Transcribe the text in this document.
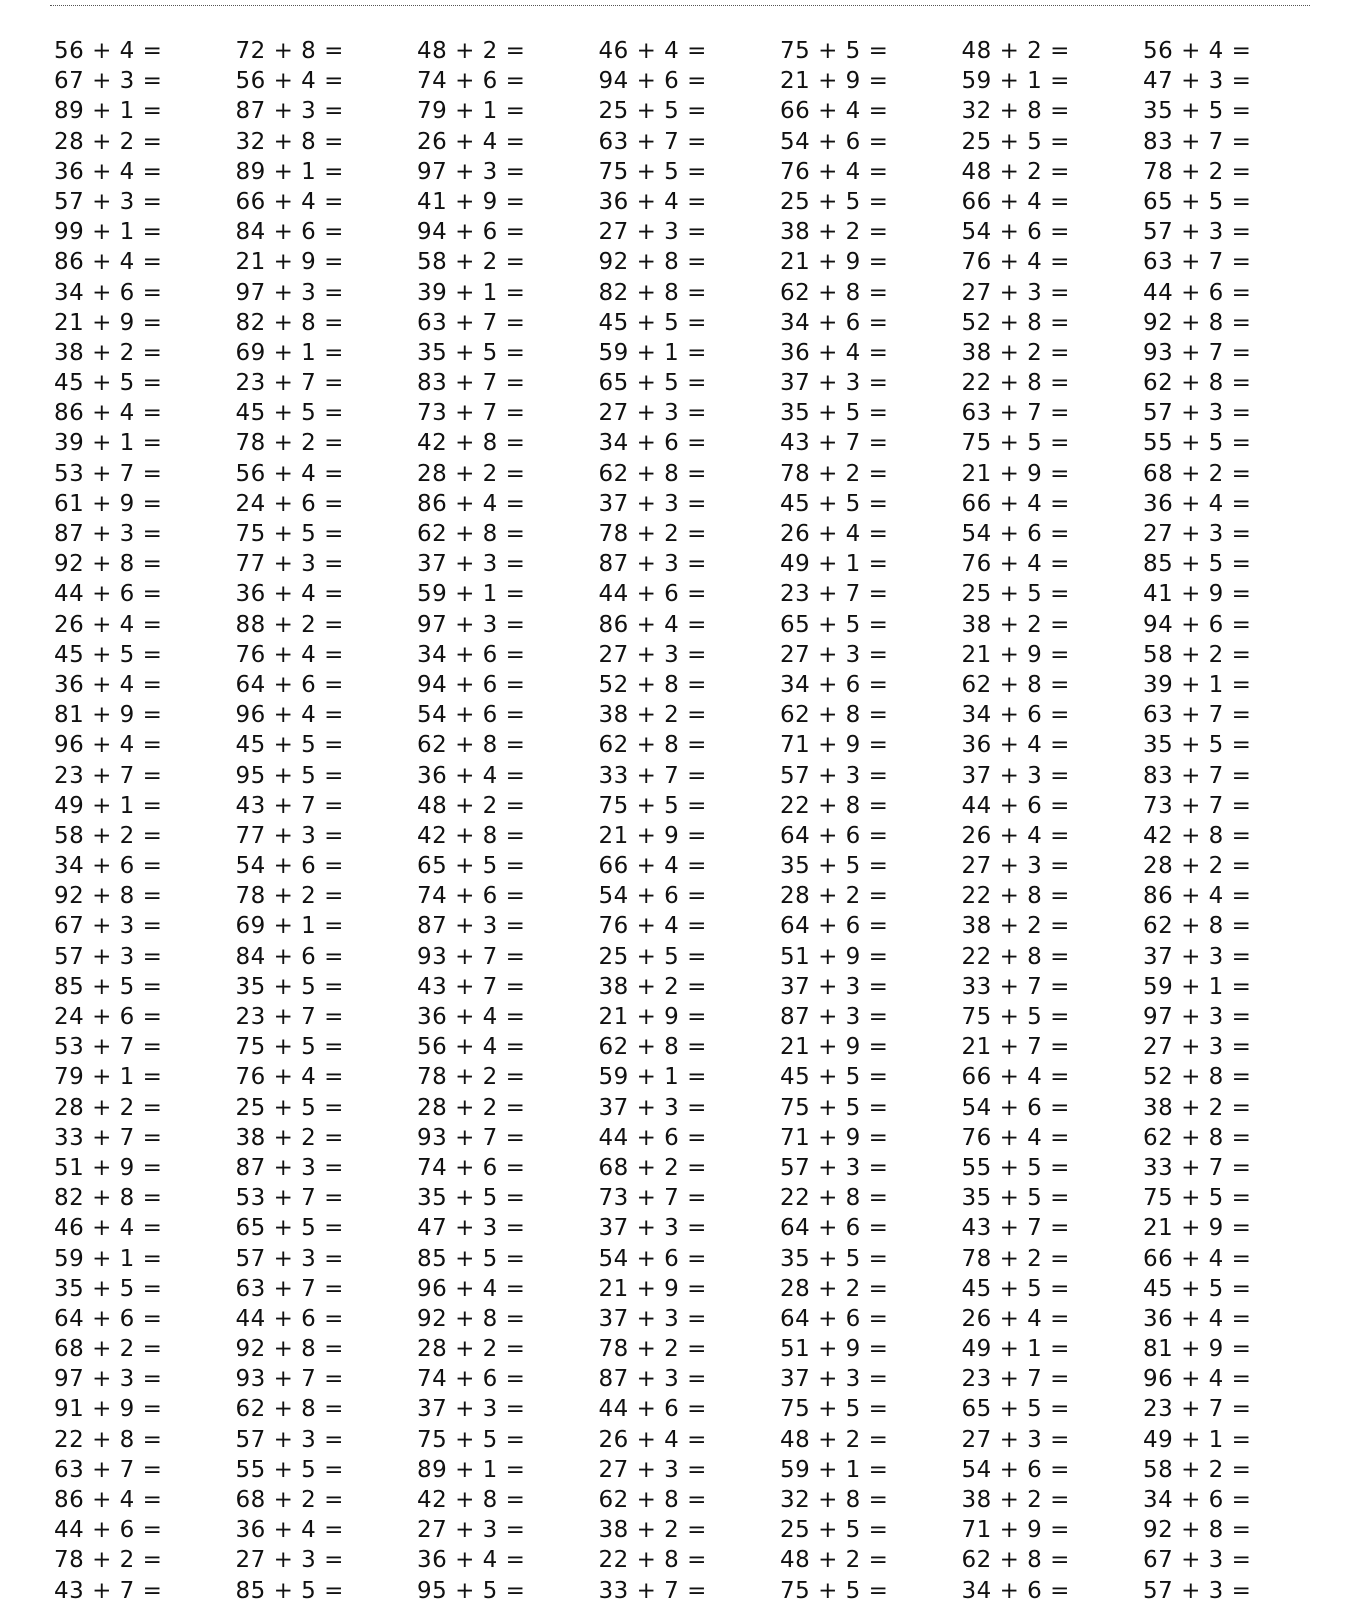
56 + 4 =	72 + 8 =	48 + 2 =	46 + 4 =	75 + 5 =	48 + 2 =	56 + 4 =
67 + 3 =	56 + 4 =	74 + 6 =	94 + 6 =	21 + 9 =	59 + 1 =	47 + 3 =
89 + 1 =	87 + 3 =	79 + 1 =	25 + 5 =	66 + 4 =	32 + 8 =	35 + 5 =
28 + 2 =	32 + 8 =	26 + 4 =	63 + 7 =	54 + 6 =	25 + 5 =	83 + 7 =
36 + 4 =	89 + 1 =	97 + 3 =	75 + 5 =	76 + 4 =	48 + 2 =	78 + 2 =
57 + 3 =	66 + 4 =	41 + 9 =	36 + 4 =	25 + 5 =	66 + 4 =	65 + 5 =
99 + 1 =	84 + 6 =	94 + 6 =	27 + 3 =	38 + 2 =	54 + 6 =	57 + 3 =
86 + 4 =	21 + 9 =	58 + 2 =	92 + 8 =	21 + 9 =	76 + 4 =	63 + 7 =
34 + 6 =	97 + 3 =	39 + 1 =	82 + 8 =	62 + 8 =	27 + 3 =	44 + 6 =
21 + 9 =	82 + 8 =	63 + 7 =	45 + 5 =	34 + 6 =	52 + 8 =	92 + 8 =
38 + 2 =	69 + 1 =	35 + 5 =	59 + 1 =	36 + 4 =	38 + 2 =	93 + 7 =
45 + 5 =	23 + 7 =	83 + 7 =	65 + 5 =	37 + 3 =	22 + 8 =	62 + 8 =
86 + 4 =	45 + 5 =	73 + 7 =	27 + 3 =	35 + 5 =	63 + 7 =	57 + 3 =
39 + 1 =	78 + 2 =	42 + 8 =	34 + 6 =	43 + 7 =	75 + 5 =	55 + 5 =
53 + 7 =	56 + 4 =	28 + 2 =	62 + 8 =	78 + 2 =	21 + 9 =	68 + 2 =
61 + 9 =	24 + 6 =	86 + 4 =	37 + 3 =	45 + 5 =	66 + 4 =	36 + 4 =
87 + 3 =	75 + 5 =	62 + 8 =	78 + 2 =	26 + 4 =	54 + 6 =	27 + 3 =
92 + 8 =	77 + 3 =	37 + 3 =	87 + 3 =	49 + 1 =	76 + 4 =	85 + 5 =
44 + 6 =	36 + 4 =	59 + 1 =	44 + 6 =	23 + 7 =	25 + 5 =	41 + 9 =
26 + 4 =	88 + 2 =	97 + 3 =	86 + 4 =	65 + 5 =	38 + 2 =	94 + 6 =
45 + 5 =	76 + 4 =	34 + 6 =	27 + 3 =	27 + 3 =	21 + 9 =	58 + 2 =
36 + 4 =	64 + 6 =	94 + 6 =	52 + 8 =	34 + 6 =	62 + 8 =	39 + 1 =
81 + 9 =	96 + 4 =	54 + 6 =	38 + 2 =	62 + 8 =	34 + 6 =	63 + 7 =
96 + 4 =	45 + 5 =	62 + 8 =	62 + 8 =	71 + 9 =	36 + 4 =	35 + 5 =
23 + 7 =	95 + 5 =	36 + 4 =	33 + 7 =	57 + 3 =	37 + 3 =	83 + 7 =
49 + 1 =	43 + 7 =	48 + 2 =	75 + 5 =	22 + 8 =	44 + 6 =	73 + 7 =
58 + 2 =	77 + 3 =	42 + 8 =	21 + 9 =	64 + 6 =	26 + 4 =	42 + 8 =
34 + 6 =	54 + 6 =	65 + 5 =	66 + 4 =	35 + 5 =	27 + 3 =	28 + 2 =
92 + 8 =	78 + 2 =	74 + 6 =	54 + 6 =	28 + 2 =	22 + 8 =	86 + 4 =
67 + 3 =	69 + 1 =	87 + 3 =	76 + 4 =	64 + 6 =	38 + 2 =	62 + 8 =
57 + 3 =	84 + 6 =	93 + 7 =	25 + 5 =	51 + 9 =	22 + 8 =	37 + 3 =
85 + 5 =	35 + 5 =	43 + 7 =	38 + 2 =	37 + 3 =	33 + 7 =	59 + 1 =
24 + 6 =	23 + 7 =	36 + 4 =	21 + 9 =	87 + 3 =	75 + 5 =	97 + 3 =
53 + 7 =	75 + 5 =	56 + 4 =	62 + 8 =	21 + 9 =	21 + 7 =	27 + 3 =
79 + 1 =	76 + 4 =	78 + 2 =	59 + 1 =	45 + 5 =	66 + 4 =	52 + 8 =
28 + 2 =	25 + 5 =	28 + 2 =	37 + 3 =	75 + 5 =	54 + 6 =	38 + 2 =
33 + 7 =	38 + 2 =	93 + 7 =	44 + 6 =	71 + 9 =	76 + 4 =	62 + 8 =
51 + 9 =	87 + 3 =	74 + 6 =	68 + 2 =	57 + 3 =	55 + 5 =	33 + 7 =
82 + 8 =	53 + 7 =	35 + 5 =	73 + 7 =	22 + 8 =	35 + 5 =	75 + 5 =
46 + 4 =	65 + 5 =	47 + 3 =	37 + 3 =	64 + 6 =	43 + 7 =	21 + 9 =
59 + 1 =	57 + 3 =	85 + 5 =	54 + 6 =	35 + 5 =	78 + 2 =	66 + 4 =
35 + 5 =	63 + 7 =	96 + 4 =	21 + 9 =	28 + 2 =	45 + 5 =	45 + 5 =
64 + 6 =	44 + 6 =	92 + 8 =	37 + 3 =	64 + 6 =	26 + 4 =	36 + 4 =
68 + 2 =	92 + 8 =	28 + 2 =	78 + 2 =	51 + 9 =	49 + 1 =	81 + 9 =
97 + 3 =	93 + 7 =	74 + 6 =	87 + 3 =	37 + 3 =	23 + 7 =	96 + 4 =
91 + 9 =	62 + 8 =	37 + 3 =	44 + 6 =	75 + 5 =	65 + 5 =	23 + 7 =
22 + 8 =	57 + 3 =	75 + 5 =	26 + 4 =	48 + 2 =	27 + 3 =	49 + 1 =
63 + 7 =	55 + 5 =	89 + 1 =	27 + 3 =	59 + 1 =	54 + 6 =	58 + 2 =
86 + 4 =	68 + 2 =	42 + 8 =	62 + 8 =	32 + 8 =	38 + 2 =	34 + 6 =
44 + 6 =	36 + 4 =	27 + 3 =	38 + 2 =	25 + 5 =	71 + 9 =	92 + 8 =
78 + 2 =	27 + 3 =	36 + 4 =	22 + 8 =	48 + 2 =	62 + 8 =	67 + 3 =
43 + 7 =	85 + 5 =	95 + 5 =	33 + 7 =	75 + 5 =	34 + 6 =	57 + 3 =
